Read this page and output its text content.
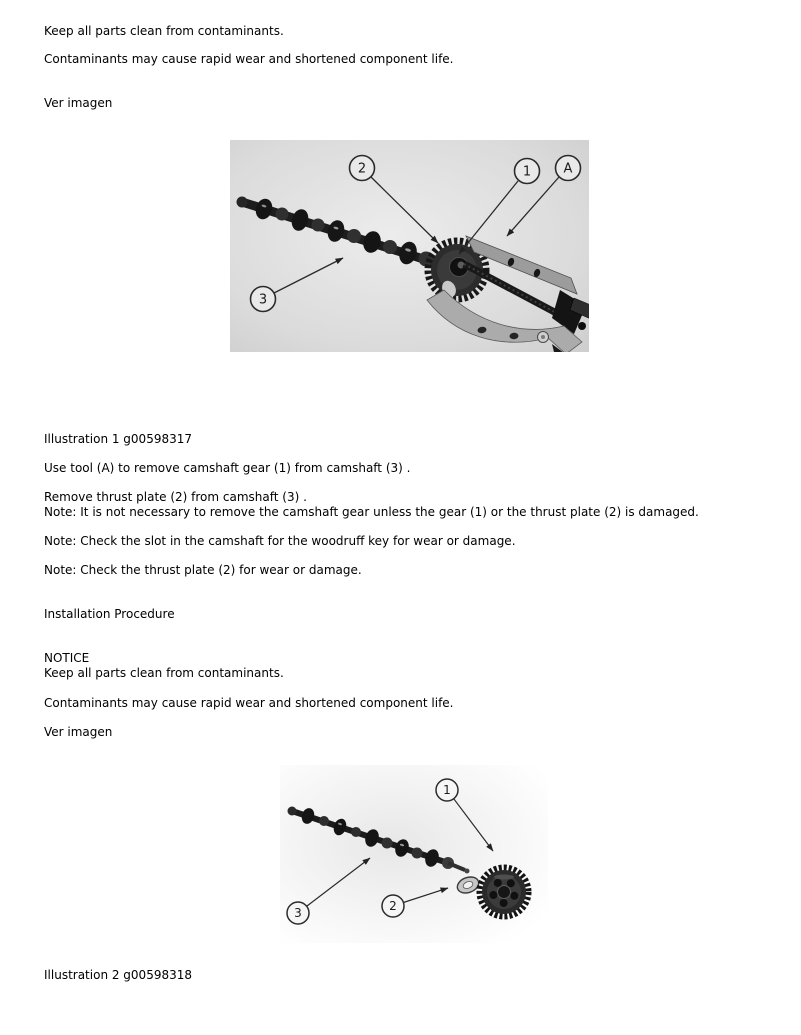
Keep all parts clean from contaminants.
Contaminants may cause rapid wear and shortened component life.
Ver imagen
2	1 A
3
Illustration 1 g00598317
Use tool (A) to remove camshaft gear (1) from camshaft (3) .
Remove thrust plate (2) from camshaft (3) .
Note: It is not necessary to remove the camshaft gear unless the gear (1) or the thrust plate (2) is damaged.
Note: Check the slot in the camshaft for the woodruff key for wear or damage.
Note: Check the thrust plate (2) for wear or damage.
Installation Procedure
NOTICE
Keep all parts clean from contaminants.
Contaminants may cause rapid wear and shortened component life.
Ver imagen
1
2
3
Illustration 2 g00598318
